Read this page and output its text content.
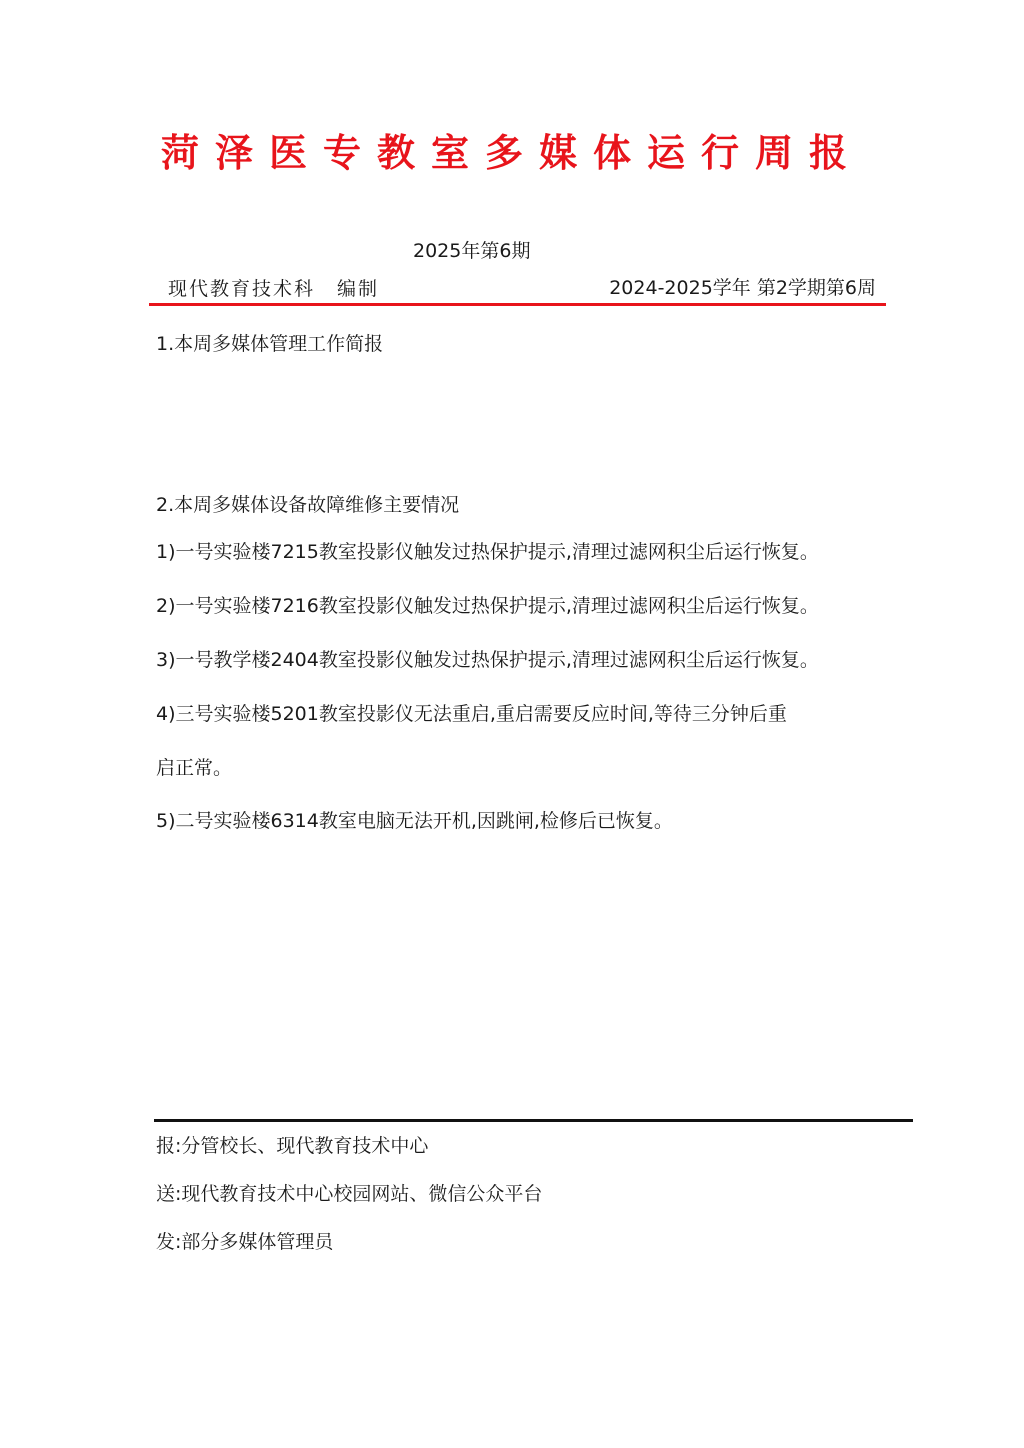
菏泽医专教室多媒体运行周报
2025年第6期
现代教育技术科 编制	2024-2025学年 第2学期第6周
1.本周多媒体管理工作简报
2.本周多媒体设备故障维修主要情况
1)一号实验楼7215教室投影仪触发过热保护提示,清理过滤网积尘后运行恢复。
2)一号实验楼7216教室投影仪触发过热保护提示,清理过滤网积尘后运行恢复。
3)一号教学楼2404教室投影仪触发过热保护提示,清理过滤网积尘后运行恢复。
4)三号实验楼5201教室投影仪无法重启,重启需要反应时间,等待三分钟后重
启正常。
5)二号实验楼6314教室电脑无法开机,因跳闸,检修后已恢复。
报:分管校长、现代教育技术中心
送:现代教育技术中心校园网站、微信公众平台
发:部分多媒体管理员
